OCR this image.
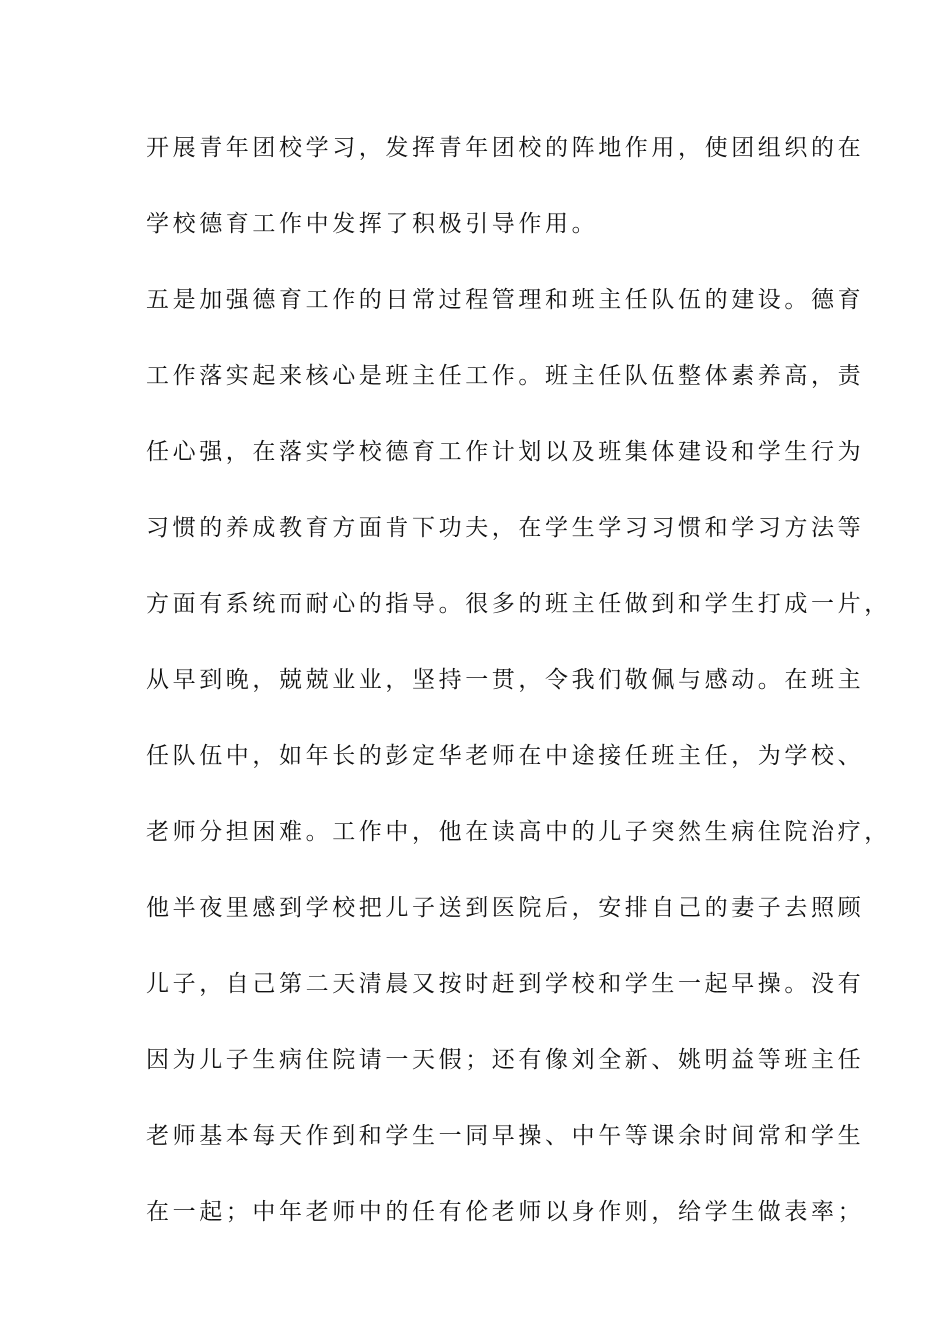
开展青年团校学习，发挥青年团校的阵地作用，使团组织的在
学校德育工作中发挥了积极引导作用。
五是加强德育工作的日常过程管理和班主任队伍的建设。德育
工作落实起来核心是班主任工作。班主任队伍整体素养高，责
任心强，在落实学校德育工作计划以及班集体建设和学生行为
习惯的养成教育方面肯下功夫，在学生学习习惯和学习方法等
方面有系统而耐心的指导。很多的班主任做到和学生打成一片，
从早到晚，兢兢业业，坚持一贯，令我们敬佩与感动。在班主
任队伍中，如年长的彭定华老师在中途接任班主任，为学校、
老师分担困难。工作中，他在读高中的儿子突然生病住院治疗，
他半夜里感到学校把儿子送到医院后，安排自己的妻子去照顾
儿子，自己第二天清晨又按时赶到学校和学生一起早操。没有
因为儿子生病住院请一天假；还有像刘全新、姚明益等班主任
老师基本每天作到和学生一同早操、中午等课余时间常和学生
在一起；中年老师中的任有伦老师以身作则，给学生做表率；
